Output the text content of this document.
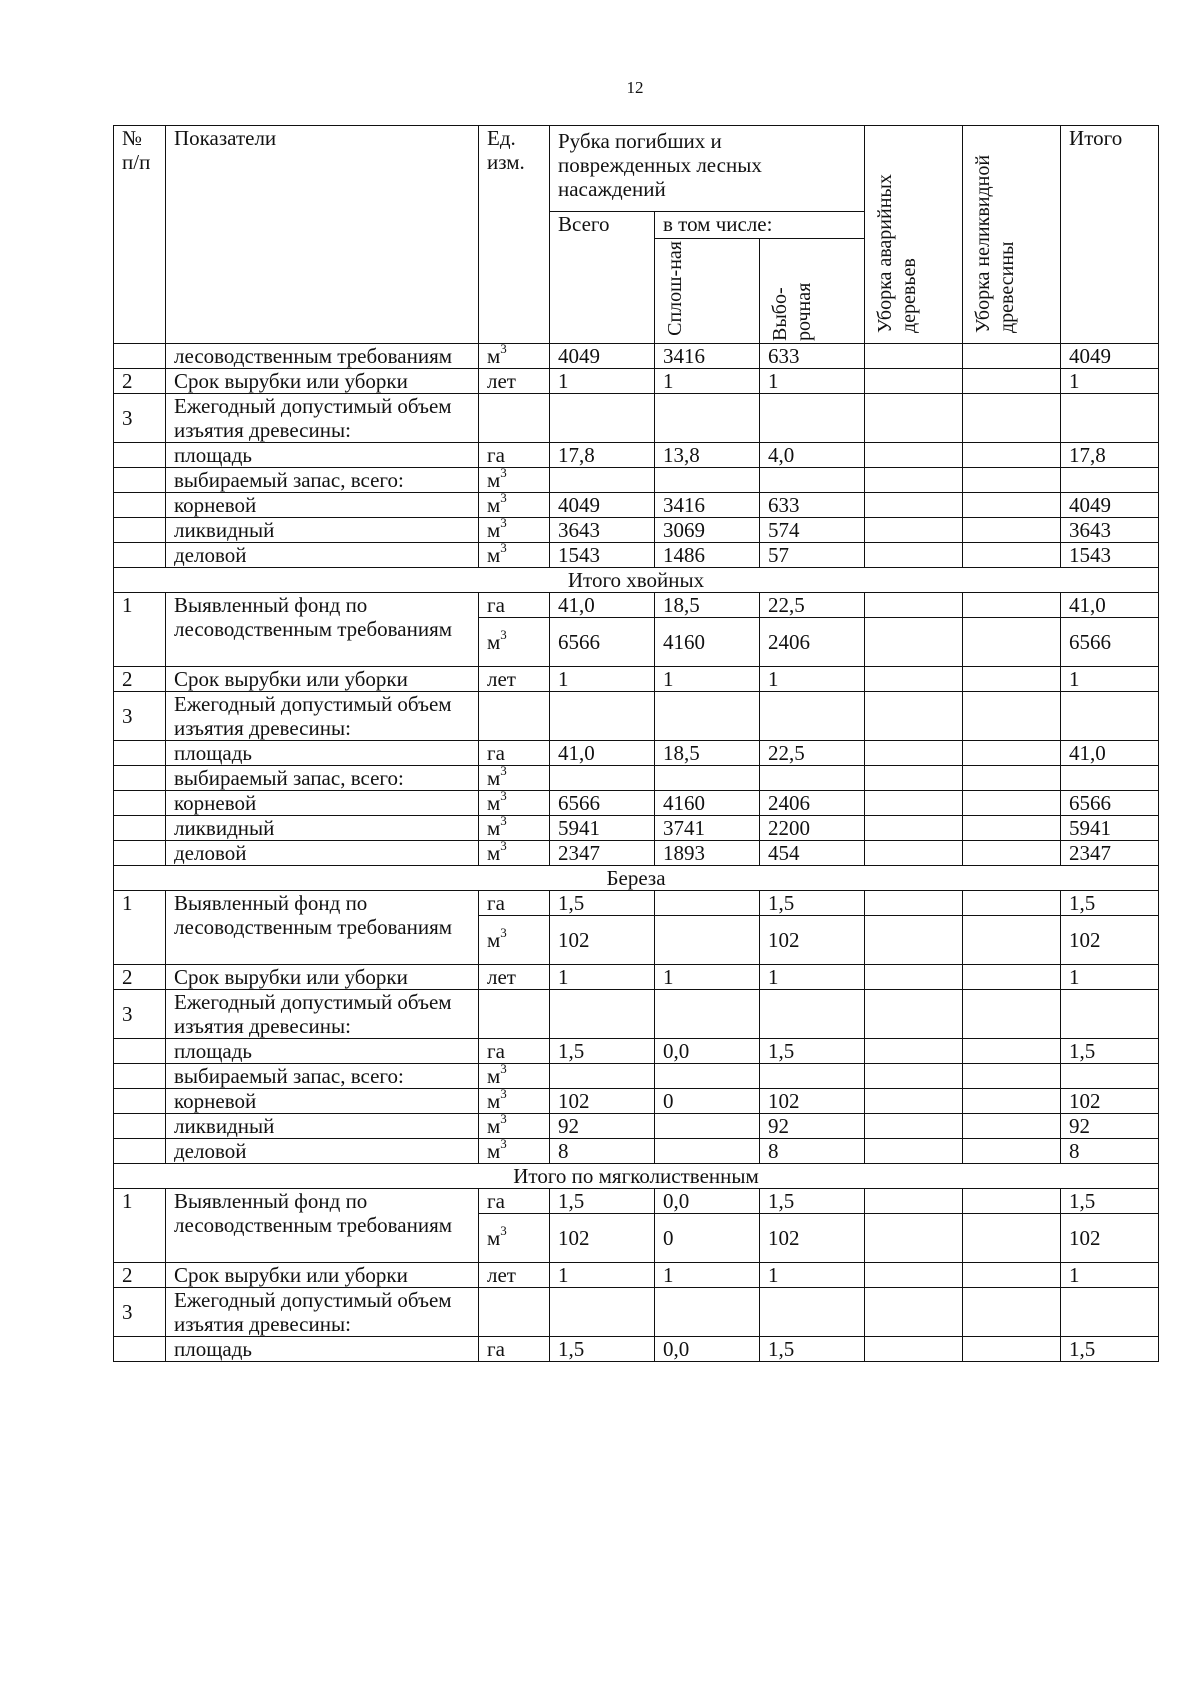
12
№ п/п	Показатели	Ед. изм.	Рубка погибших и поврежденных лесных насаждений			Уборка аварийных деревьев	Уборка неликвидной древесины	Итого
			Всего	в том числе:				

				Сплош-ная	Выбо-рочная			

	лесоводственным требованиям	$м^3$	4049	3416	633			4049
2	Срок вырубки или уборки	лет	1	1	1			1
3	Ежегодный допустимый объем изъятия древесины:							
	площадь	га	17,8	13,8	4,0			17,8
	выбираемый запас, всего:	$м^3$						
	корневой	$м^3$	4049	3416	633			4049
	ликвидный	$м^3$	3643	3069	574			3643
	деловой	$м^3$	1543	1486	57			1543
Итого хвойных								
1	Выявленный фонд по лесоводственным требованиям	га	41,0	18,5	22,5			41,0
		$м^3$	6566	4160	2406			6566
2	Срок вырубки или уборки	лет	1	1	1			1
3	Ежегодный допустимый объем изъятия древесины:							
	площадь	га	41,0	18,5	22,5			41,0
	выбираемый запас, всего:	$м^3$						
	корневой	$м^3$	6566	4160	2406			6566
	ликвидный	$м^3$	5941	3741	2200			5941
	деловой	$м^3$	2347	1893	454			2347
Береза								
1	Выявленный фонд по лесоводственным требованиям	га	1,5		1,5			1,5
		$м^3$	102		102			102
2	Срок вырубки или уборки	лет	1	1	1			1
3	Ежегодный допустимый объем изъятия древесины:							
	площадь	га	1,5	0,0	1,5			1,5
	выбираемый запас, всего:	$м^3$						
	корневой	$м^3$	102	0	102			102
	ликвидный	$м^3$	92		92			92
	деловой	$м^3$	8		8			8
Итого по мягколиственным								
1	Выявленный фонд по лесоводственным требованиям	га	1,5	0,0	1,5			1,5
		$м^3$	102	0	102			102
2	Срок вырубки или уборки	лет	1	1	1			1
3	Ежегодный допустимый объем изъятия древесины:							
	площадь	га	1,5	0,0	1,5			1,5
